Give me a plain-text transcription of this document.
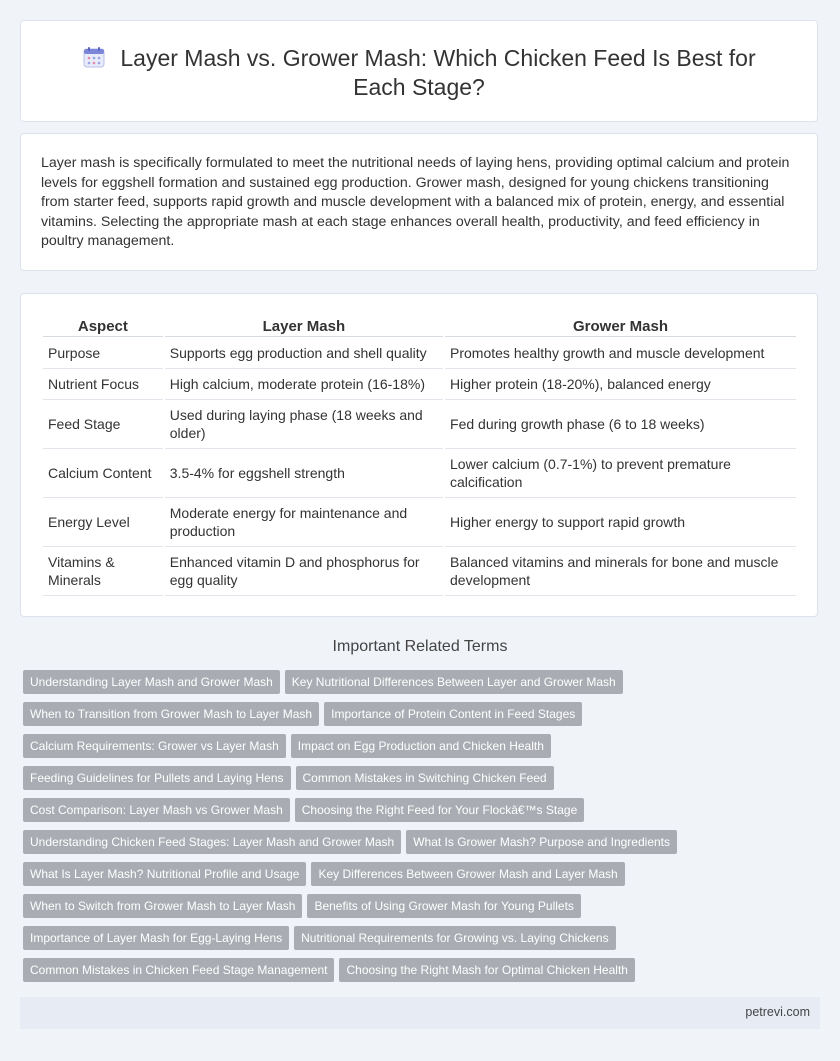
Layer Mash vs. Grower Mash: Which Chicken Feed Is Best for Each Stage?
Layer mash is specifically formulated to meet the nutritional needs of laying hens, providing optimal calcium and protein levels for eggshell formation and sustained egg production. Grower mash, designed for young chickens transitioning from starter feed, supports rapid growth and muscle development with a balanced mix of protein, energy, and essential vitamins. Selecting the appropriate mash at each stage enhances overall health, productivity, and feed efficiency in poultry management.
Aspect	Layer Mash	Grower Mash
Purpose	Supports egg production and shell quality	Promotes healthy growth and muscle development
Nutrient Focus	High calcium, moderate protein (16-18%)	Higher protein (18-20%), balanced energy
Feed Stage	Used during laying phase (18 weeks and older)	Fed during growth phase (6 to 18 weeks)
Calcium Content	3.5-4% for eggshell strength	Lower calcium (0.7-1%) to prevent premature calcification
Energy Level	Moderate energy for maintenance and production	Higher energy to support rapid growth
Vitamins & Minerals	Enhanced vitamin D and phosphorus for egg quality	Balanced vitamins and minerals for bone and muscle development
Important Related Terms
Understanding Layer Mash and Grower Mash Key Nutritional Differences Between Layer and Grower Mash
When to Transition from Grower Mash to Layer Mash Importance of Protein Content in Feed Stages
Calcium Requirements: Grower vs Layer Mash Impact on Egg Production and Chicken Health
Feeding Guidelines for Pullets and Laying Hens Common Mistakes in Switching Chicken Feed
Cost Comparison: Layer Mash vs Grower Mash Choosing the Right Feed for Your Flockâ€™s Stage
Understanding Chicken Feed Stages: Layer Mash and Grower Mash What Is Grower Mash? Purpose and Ingredients
What Is Layer Mash? Nutritional Profile and Usage Key Differences Between Grower Mash and Layer Mash
When to Switch from Grower Mash to Layer Mash Benefits of Using Grower Mash for Young Pullets
Importance of Layer Mash for Egg-Laying Hens Nutritional Requirements for Growing vs. Laying Chickens
Common Mistakes in Chicken Feed Stage Management Choosing the Right Mash for Optimal Chicken Health
petrevi.com
